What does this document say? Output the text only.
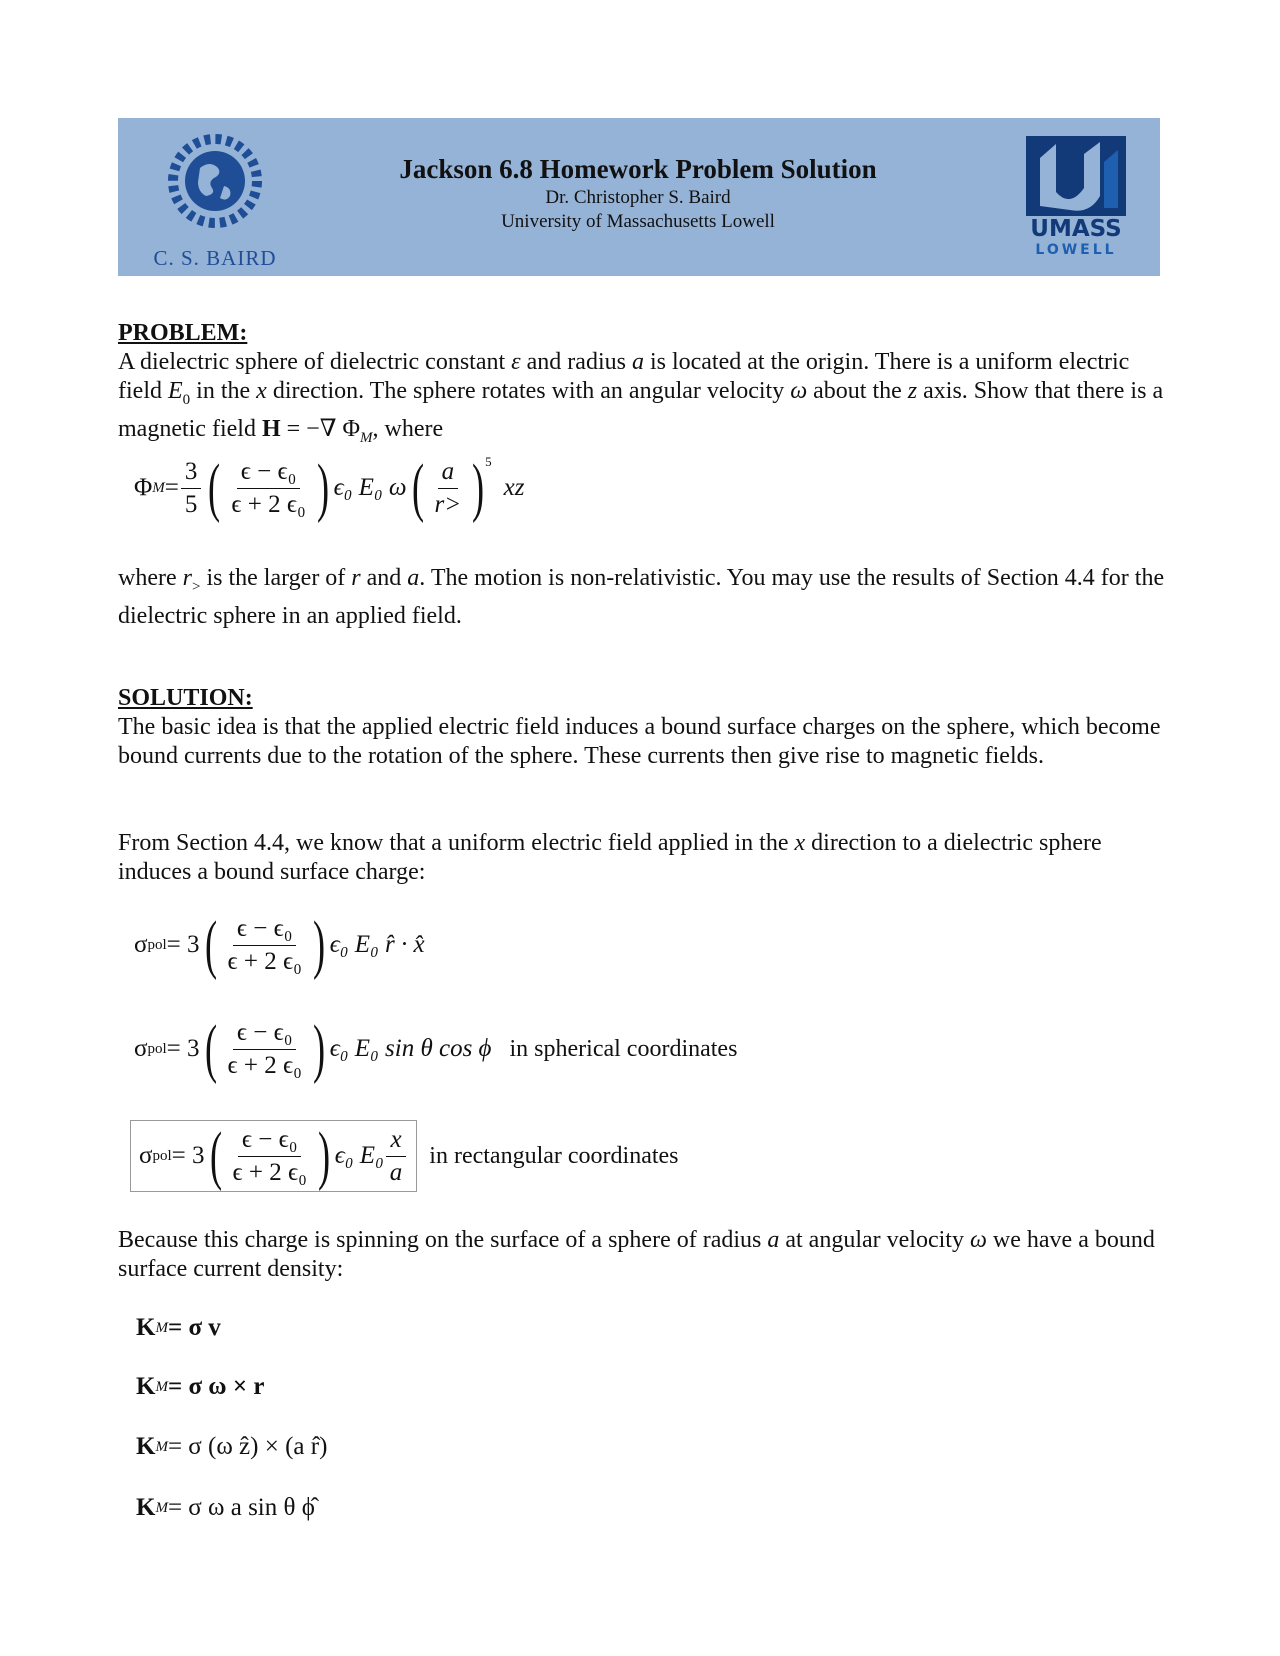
C. S. BAIRD
Jackson 6.8 Homework Problem Solution
Dr. Christopher S. Baird
University of Massachusetts Lowell	UMASS
LOWELL
PROBLEM:
A dielectric sphere of dielectric constant ε and radius a is located at the origin. There is a uniform electric field $E_0$ in the x direction. The sphere rotates with an angular velocity ω about the z axis. Show that there is a magnetic field H = −∇ $\Phi_M$, where
Φ $M = \frac{3}{5}$ ( $\frac{\text{ϵ − ϵ₀}}{\text{ϵ + 2 ϵ₀}}$ ) ϵ₀ E₀ ω ( $\frac{a}{r>}$ ) 5
xz
where $r_>$ is the larger of r and a. The motion is non-relativistic. You may use the results of Section 4.4 for the dielectric sphere in an applied field.
SOLUTION:
The basic idea is that the applied electric field induces a bound surface charges on the sphere, which become bound currents due to the rotation of the sphere. These currents then give rise to magnetic fields.
From Section 4.4, we know that a uniform electric field applied in the x direction to a dielectric sphere induces a bound surface charge:
σ pol = 3 ( $\frac{\text{ϵ − ϵ₀}}{\text{ϵ + 2 ϵ₀}}$ ) ϵ₀ E₀ r̂ · x̂
σ pol = 3 ( $\frac{\text{ϵ − ϵ₀}}{\text{ϵ + 2 ϵ₀}}$ ) ϵ₀ E₀ sin θ cos ϕ in spherical coordinates
σ pol = 3 ( $\frac{\text{ϵ − ϵ₀}}{\text{ϵ + 2 ϵ₀}}$ ) ϵ₀ $E_0 \frac{x}{a}$ in rectangular coordinates
Because this charge is spinning on the surface of a sphere of radius a at angular velocity ω we have a bound surface current density:
K M = σ v
K M = σ ω × r
K M = σ (ω ẑ) × (a r̂)
K M = σ ω a sin θ ϕ̂
